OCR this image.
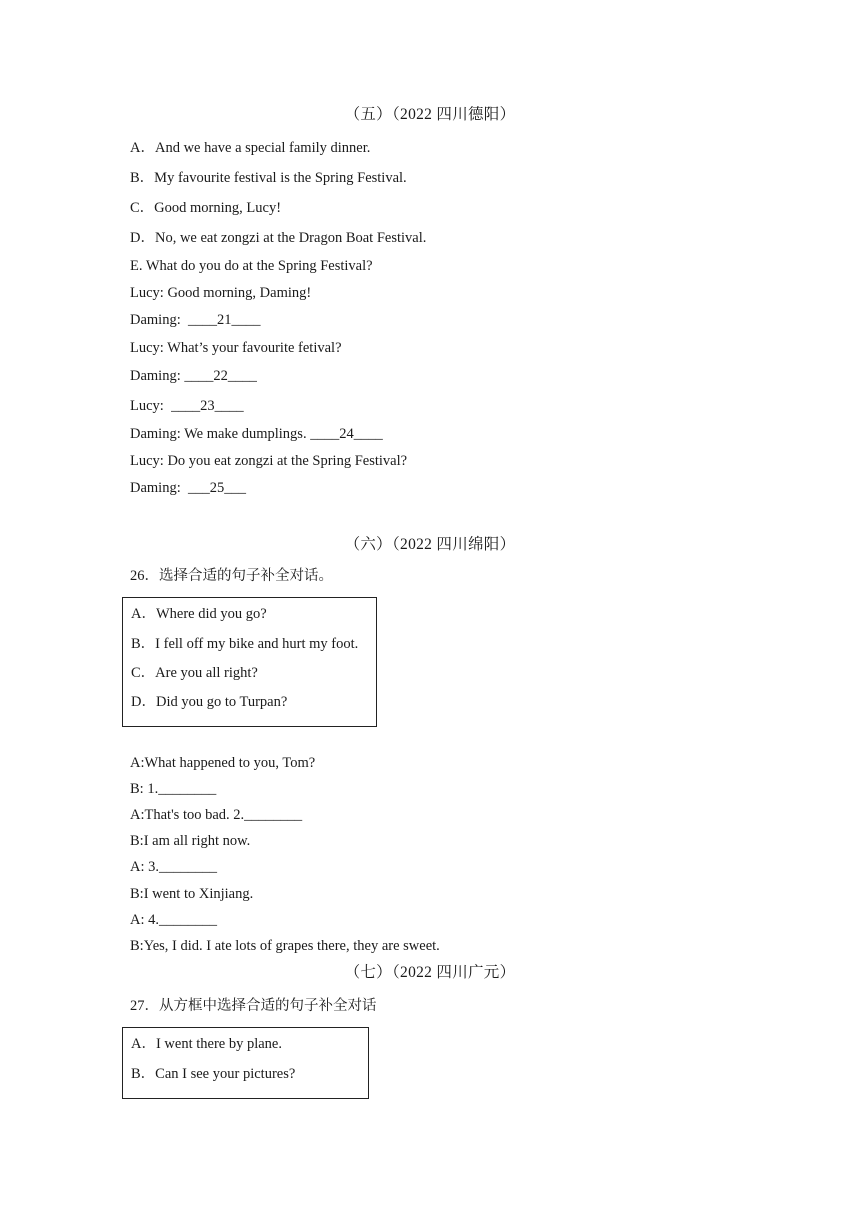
（五）（2022 四川德阳）
A．And we have a special family dinner.
B．My favourite festival is the Spring Festival.
C．Good morning, Lucy!
D．No, we eat zongzi at the Dragon Boat Festival.
E. What do you do at the Spring Festival?
Lucy: Good morning, Daming!
Daming:  ____21____
Lucy: What’s your favourite fetival?
Daming: ____22____
Lucy:  ____23____
Daming: We make dumplings. ____24____
Lucy: Do you eat zongzi at the Spring Festival?
Daming:  ___25___
（六）（2022 四川绵阳）
26．选择合适的句子补全对话。
A．Where did you go?
B．I fell off my bike and hurt my foot.
C．Are you all right?
D．Did you go to Turpan?
A:What happened to you, Tom?
B: 1.________
A:That's too bad. 2.________
B:I am all right now.
A: 3.________
B:I went to Xinjiang.
A: 4.________
B:Yes, I did. I ate lots of grapes there, they are sweet.
（七）（2022 四川广元）
27．从方框中选择合适的句子补全对话
A．I went there by plane.
B．Can I see your pictures?
